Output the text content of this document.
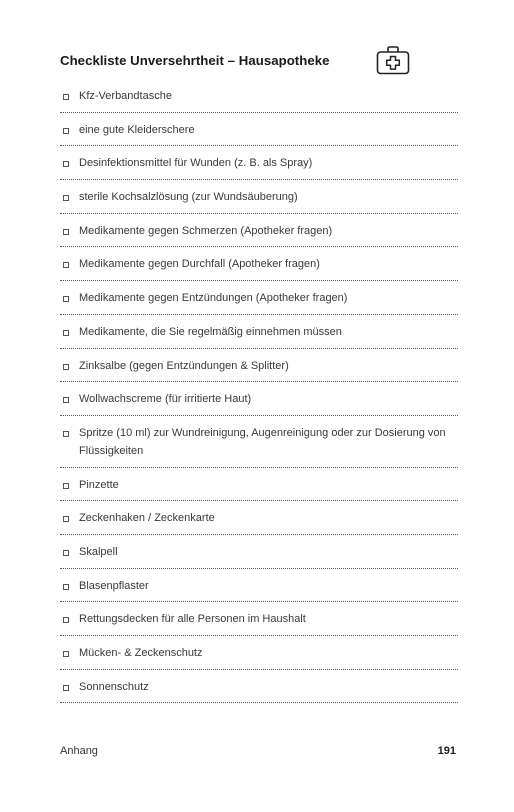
Checkliste Unversehrtheit – Hausapotheke
Kfz-Verbandtasche
eine gute Kleiderschere
Desinfektionsmittel für Wunden (z. B. als Spray)
sterile Kochsalzlösung (zur Wundsäuberung)
Medikamente gegen Schmerzen (Apotheker fragen)
Medikamente gegen Durchfall (Apotheker fragen)
Medikamente gegen Entzündungen (Apotheker fragen)
Medikamente, die Sie regelmäßig einnehmen müssen
Zinksalbe (gegen Entzündungen & Splitter)
Wollwachscreme (für irritierte Haut)
Spritze (10 ml) zur Wundreinigung, Augenreinigung oder zur Dosierung von Flüssigkeiten
Pinzette
Zeckenhaken / Zeckenkarte
Skalpell
Blasenpflaster
Rettungsdecken für alle Personen im Haushalt
Mücken- & Zeckenschutz
Sonnenschutz
Anhang	191
